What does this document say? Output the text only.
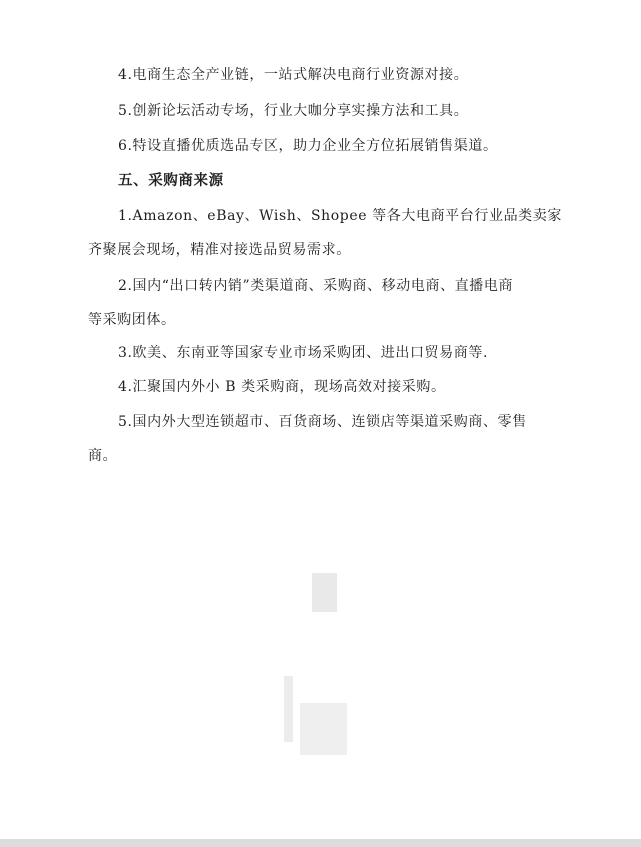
4.电商生态全产业链，一站式解决电商行业资源对接。
5.创新论坛活动专场，行业大咖分享实操方法和工具。
6.特设直播优质选品专区，助力企业全方位拓展销售渠道。
五、采购商来源
1.Amazon、eBay、Wish、Shopee 等各大电商平台行业品类卖家
齐聚展会现场，精准对接选品贸易需求。
2.国内“出口转内销”类渠道商、采购商、移动电商、直播电商
等采购团体。
3.欧美、东南亚等国家专业市场采购团、进出口贸易商等.
4.汇聚国内外小 B 类采购商，现场高效对接采购。
5.国内外大型连锁超市、百货商场、连锁店等渠道采购商、零售
商。
